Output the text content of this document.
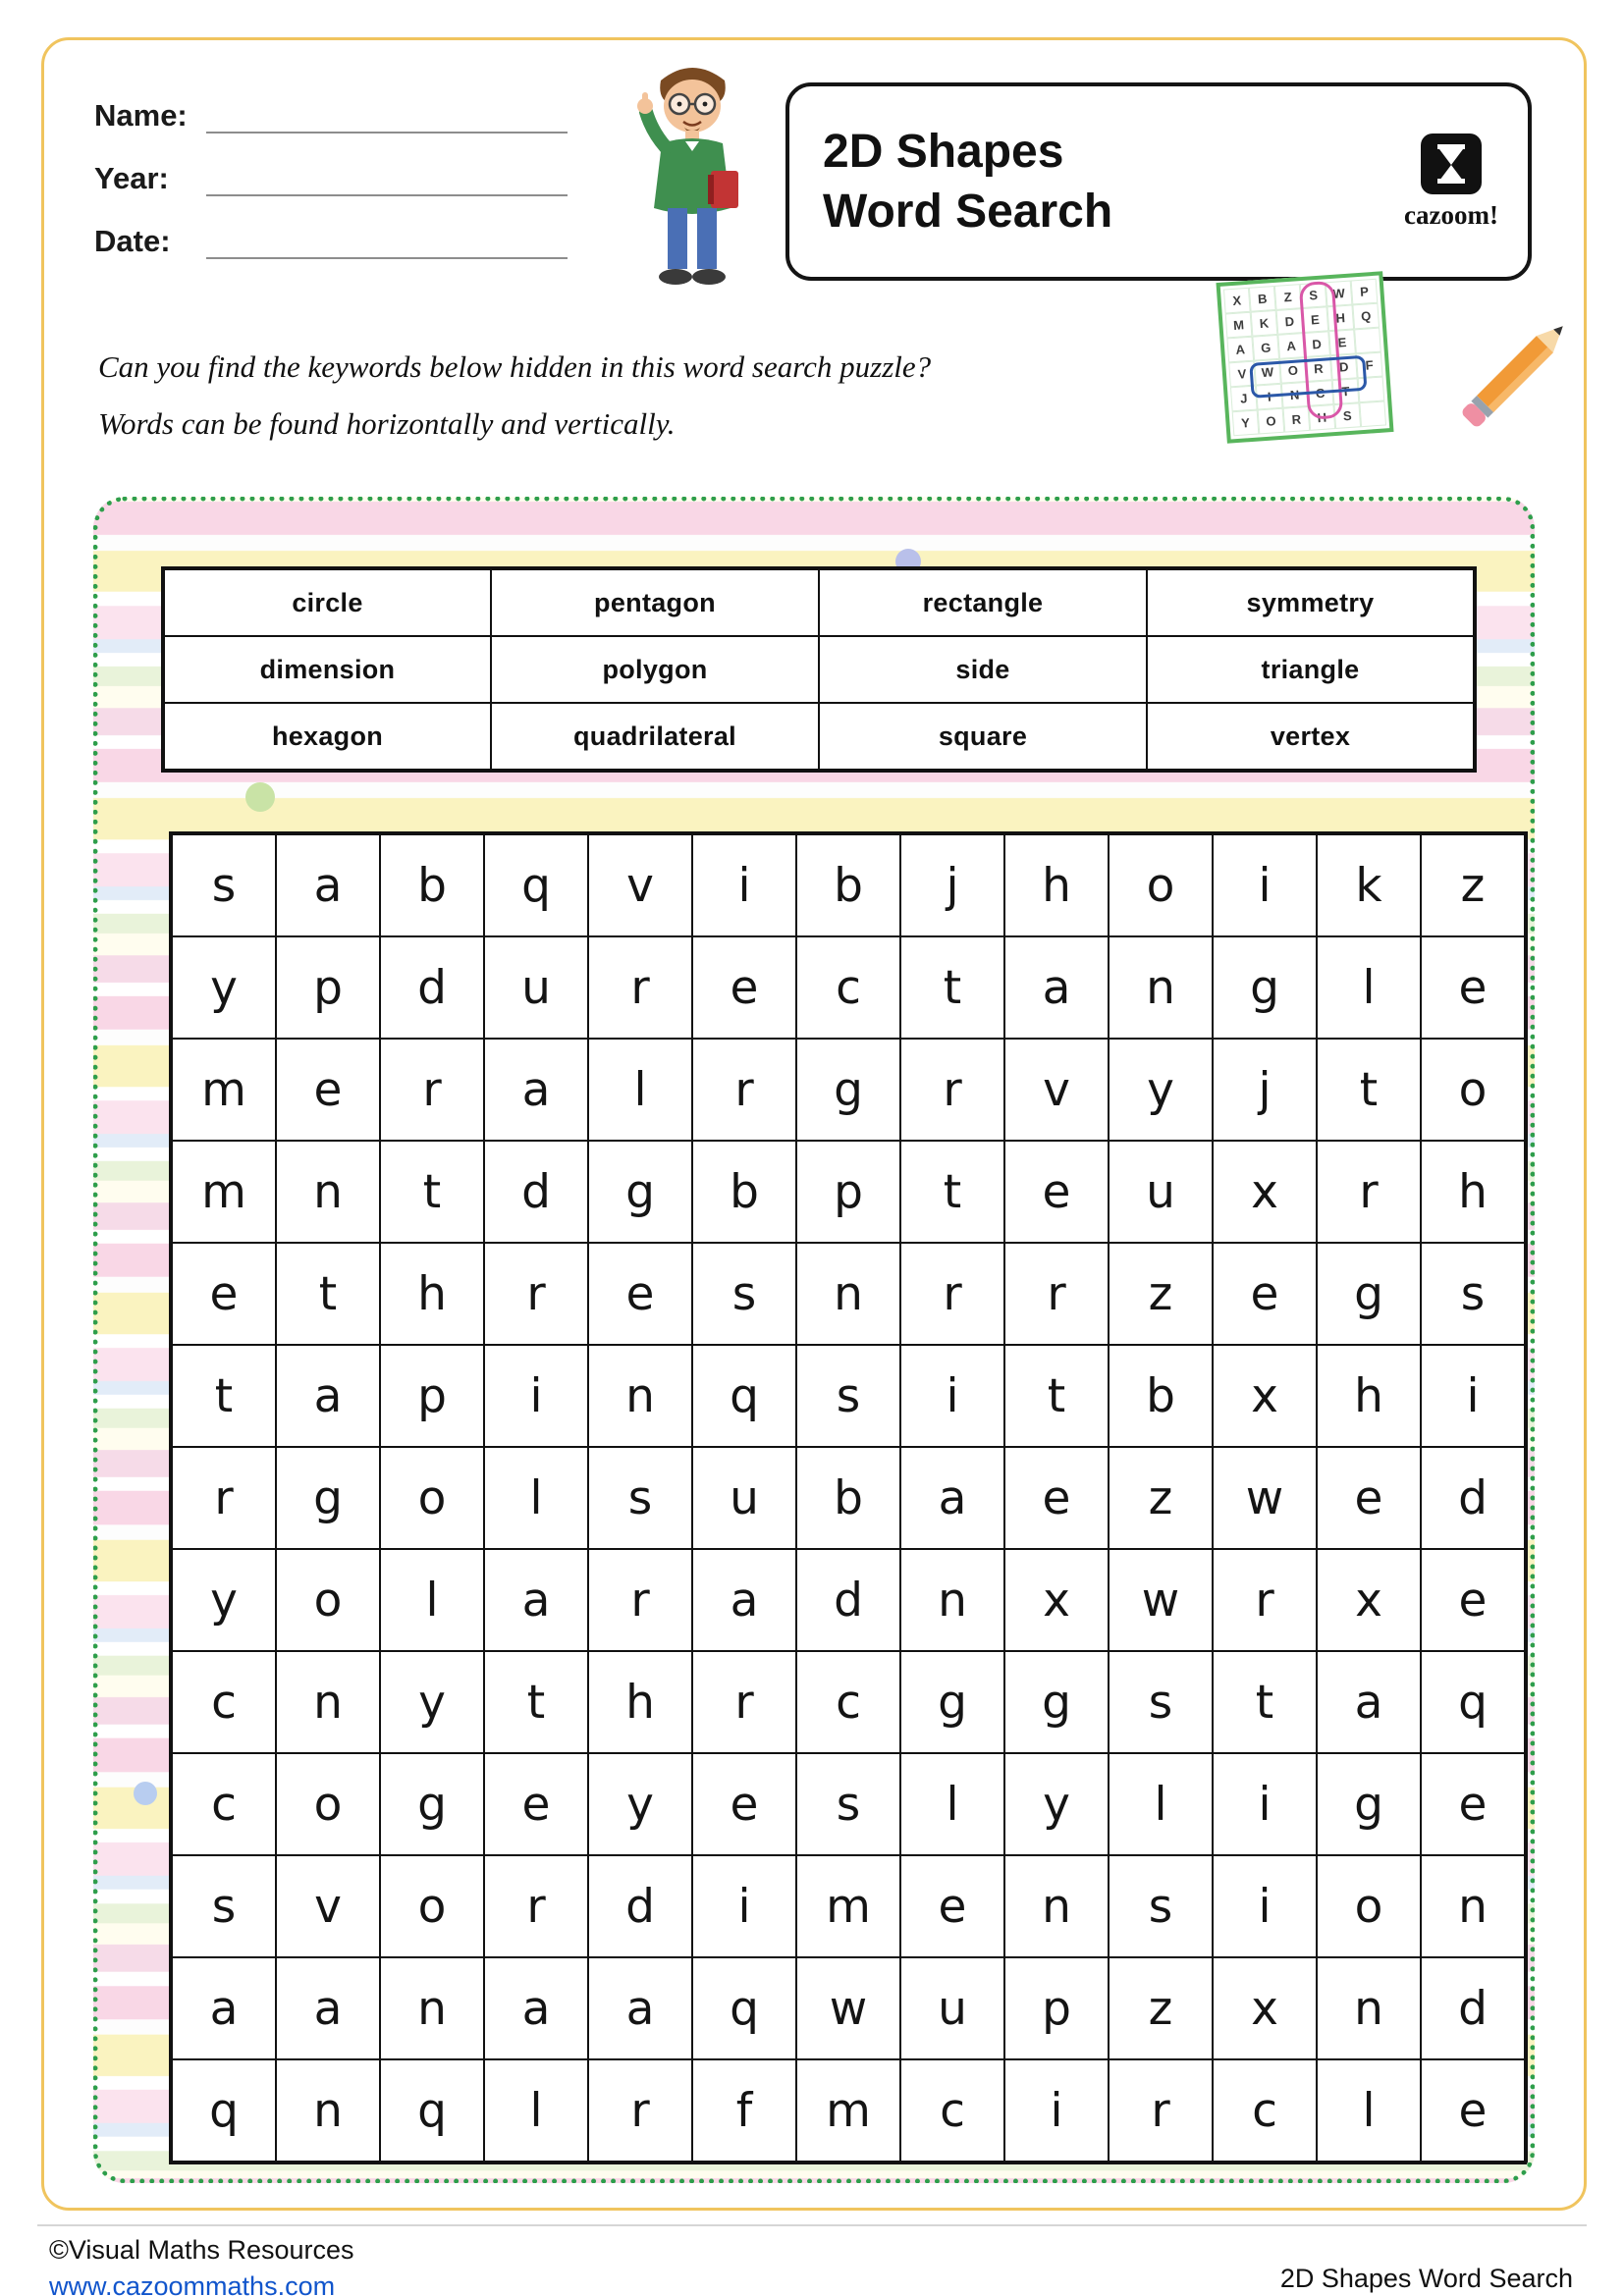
Name:
Year:
Date:
2D Shapes
Word Search	cazoom!
X	B	Z	S	W	P
M	K	D	E	H	Q
A	G	A	D	E
V	W	O	R	D	F
J	I	N	C	T
Y	O	R	H	S

Can you find the keywords below hidden in this word search puzzle?

Words can be found horizontally and vertically.

circle	pentagon	rectangle	symmetry
dimension	polygon	side	triangle
hexagon	quadrilateral	square	vertex
s	a	b	q	v	i	b	j	h	o	i	k	z
y	p	d	u	r	e	c	t	a	n	g	l	e
m	e	r	a	l	r	g	r	v	y	j	t	o
m	n	t	d	g	b	p	t	e	u	x	r	h
e	t	h	r	e	s	n	r	r	z	e	g	s
t	a	p	i	n	q	s	i	t	b	x	h	i
r	g	o	l	s	u	b	a	e	z	w	e	d
y	o	l	a	r	a	d	n	x	w	r	x	e
c	n	y	t	h	r	c	g	g	s	t	a	q
c	o	g	e	y	e	s	l	y	l	i	g	e
s	v	o	r	d	i	m	e	n	s	i	o	n
a	a	n	a	a	q	w	u	p	z	x	n	d
q	n	q	l	r	f	m	c	i	r	c	l	e
©Visual Maths Resources
www.cazoommaths.com	2D Shapes Word Search
